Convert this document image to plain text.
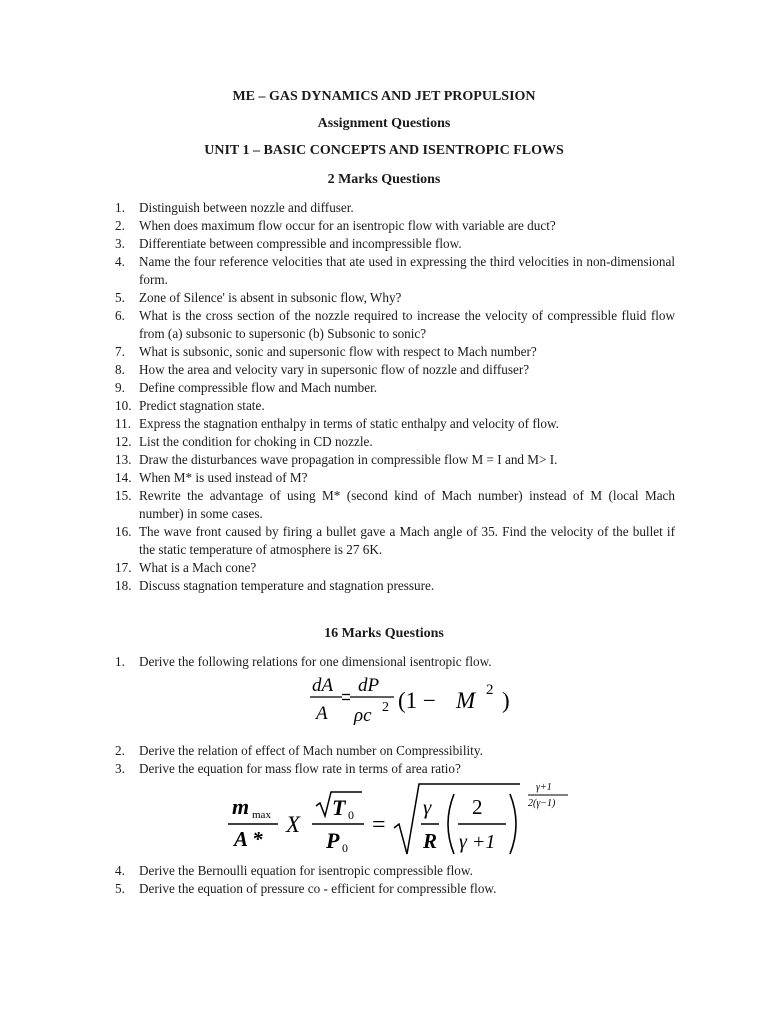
ME – GAS DYNAMICS AND JET PROPULSION
Assignment Questions
UNIT 1 – BASIC CONCEPTS AND ISENTROPIC FLOWS
2 Marks Questions
1. Distinguish between nozzle and diffuser.
2. When does maximum flow occur for an isentropic flow with variable are duct?
3. Differentiate between compressible and incompressible flow.
4. Name the four reference velocities that ate used in expressing the third velocities in non-dimensional form.
5. Zone of Silence' is absent in subsonic flow, Why?
6. What is the cross section of the nozzle required to increase the velocity of compressible fluid flow from (a) subsonic to supersonic (b) Subsonic to sonic?
7. What is subsonic, sonic and supersonic flow with respect to Mach number?
8. How the area and velocity vary in supersonic flow of nozzle and diffuser?
9. Define compressible flow and Mach number.
10. Predict stagnation state.
11. Express the stagnation enthalpy in terms of static enthalpy and velocity of flow.
12. List the condition for choking in CD nozzle.
13. Draw the disturbances wave propagation in compressible flow M = I and M> I.
14. When M* is used instead of M?
15. Rewrite the advantage of using M* (second kind of Mach number) instead of M (local Mach number) in some cases.
16. The wave front caused by firing a bullet gave a Mach angle of 35. Find the velocity of the bullet if the static temperature of atmosphere is 27 6K.
17. What is a Mach cone?
18. Discuss stagnation temperature and stagnation pressure.
16 Marks Questions
1. Derive the following relations for one dimensional isentropic flow.
dA
A
dP
ρc 2 (1 − M 2 )
2. Derive the relation of effect of Mach number on Compressibility.
3. Derive the equation for mass flow rate in terms of area ratio?
m max
A *
X
T 0
P 0
=
γ
R
2
γ +1
γ+1
2(γ−1)
4. Derive the Bernoulli equation for isentropic compressible flow.
5. Derive the equation of pressure co - efficient for compressible flow.
